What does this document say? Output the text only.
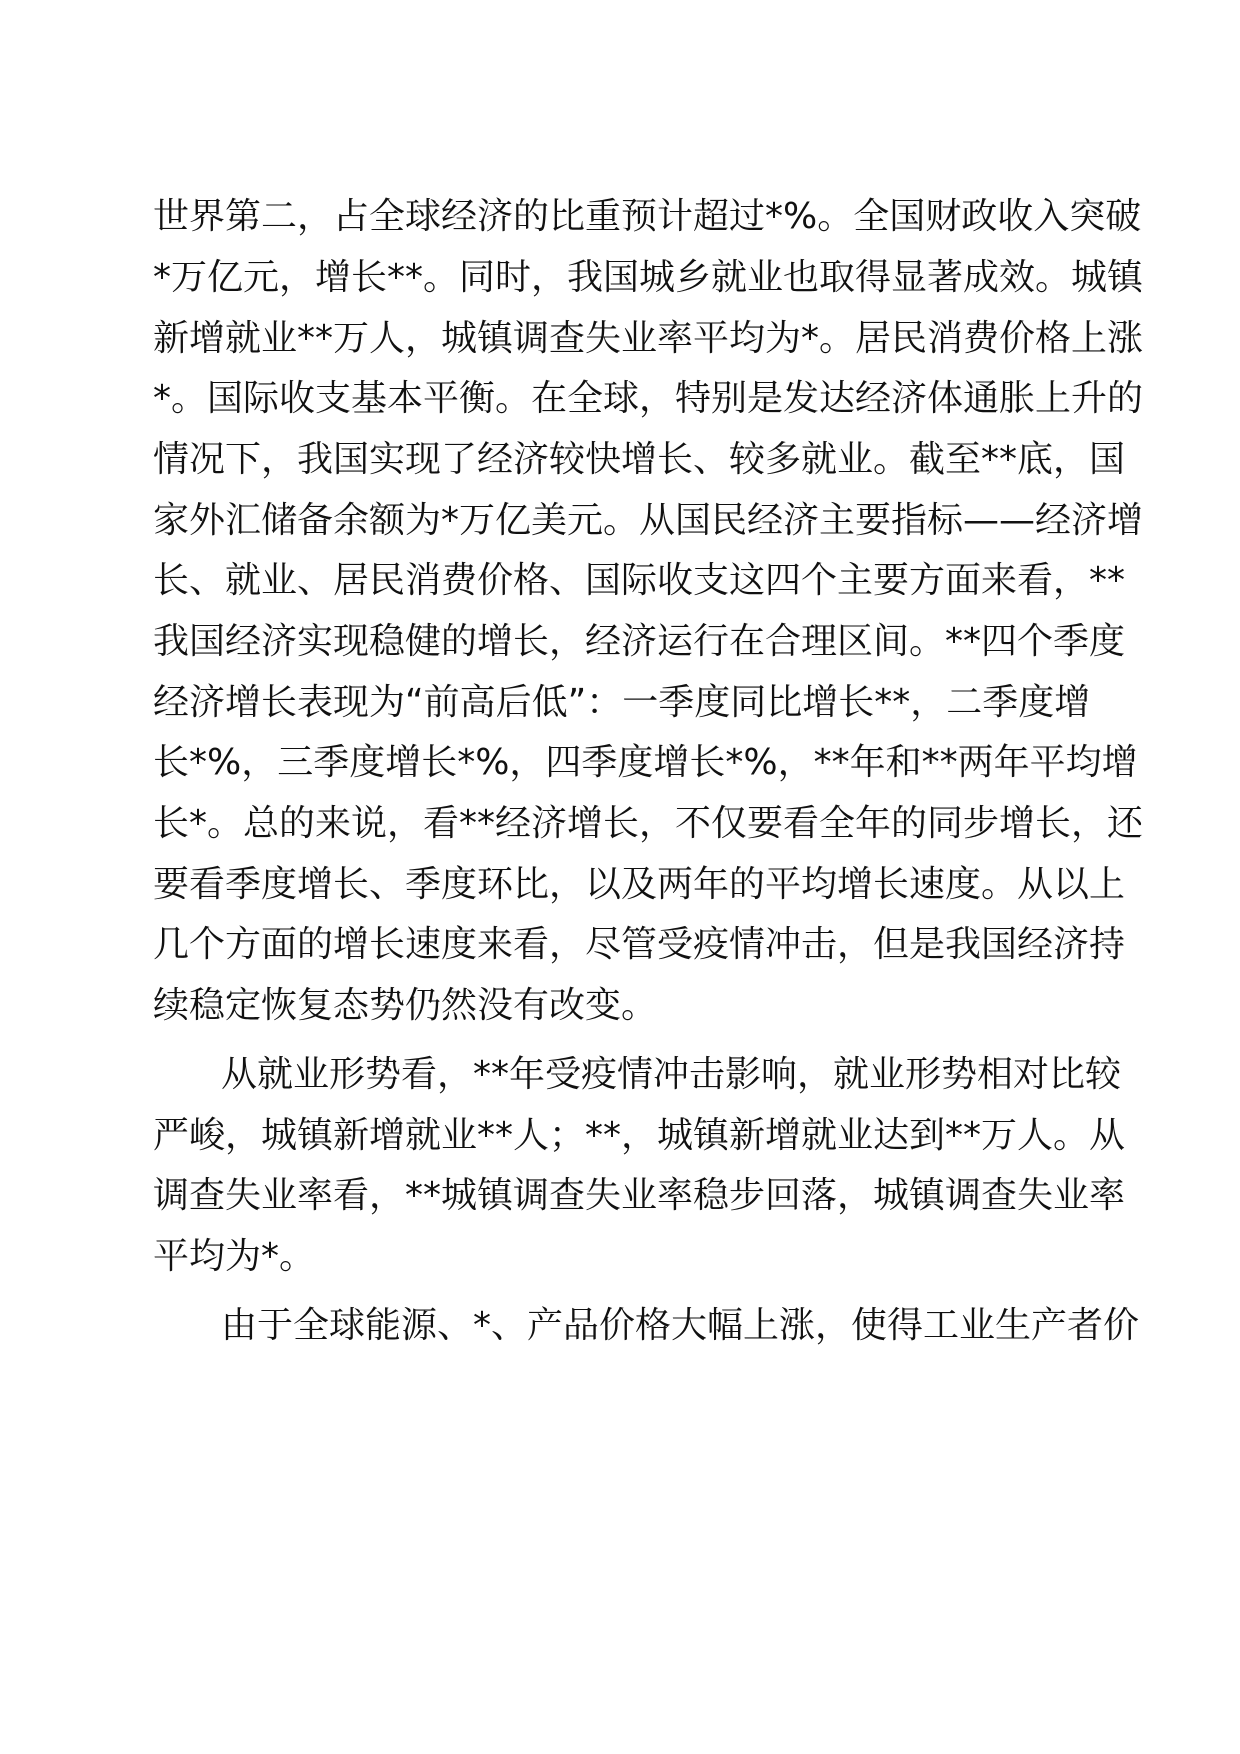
世界第二，占全球经济的比重预计超过*%。全国财政收入突破
*万亿元，增长**。同时，我国城乡就业也取得显著成效。城镇
新增就业**万人，城镇调查失业率平均为*。居民消费价格上涨
*。国际收支基本平衡。在全球，特别是发达经济体通胀上升的
情况下，我国实现了经济较快增长、较多就业。截至**底，国
家外汇储备余额为*万亿美元。从国民经济主要指标——经济增
长、就业、居民消费价格、国际收支这四个主要方面来看，**
我国经济实现稳健的增长，经济运行在合理区间。**四个季度
经济增长表现为“前高后低”：一季度同比增长**，二季度增
长*%，三季度增长*%，四季度增长*%，**年和**两年平均增
长*。总的来说，看**经济增长，不仅要看全年的同步增长，还
要看季度增长、季度环比，以及两年的平均增长速度。从以上
几个方面的增长速度来看，尽管受疫情冲击，但是我国经济持
续稳定恢复态势仍然没有改变。
从就业形势看，**年受疫情冲击影响，就业形势相对比较
严峻，城镇新增就业**人；**，城镇新增就业达到**万人。从
调查失业率看，**城镇调查失业率稳步回落，城镇调查失业率
平均为*。
由于全球能源、*、产品价格大幅上涨，使得工业生产者价
